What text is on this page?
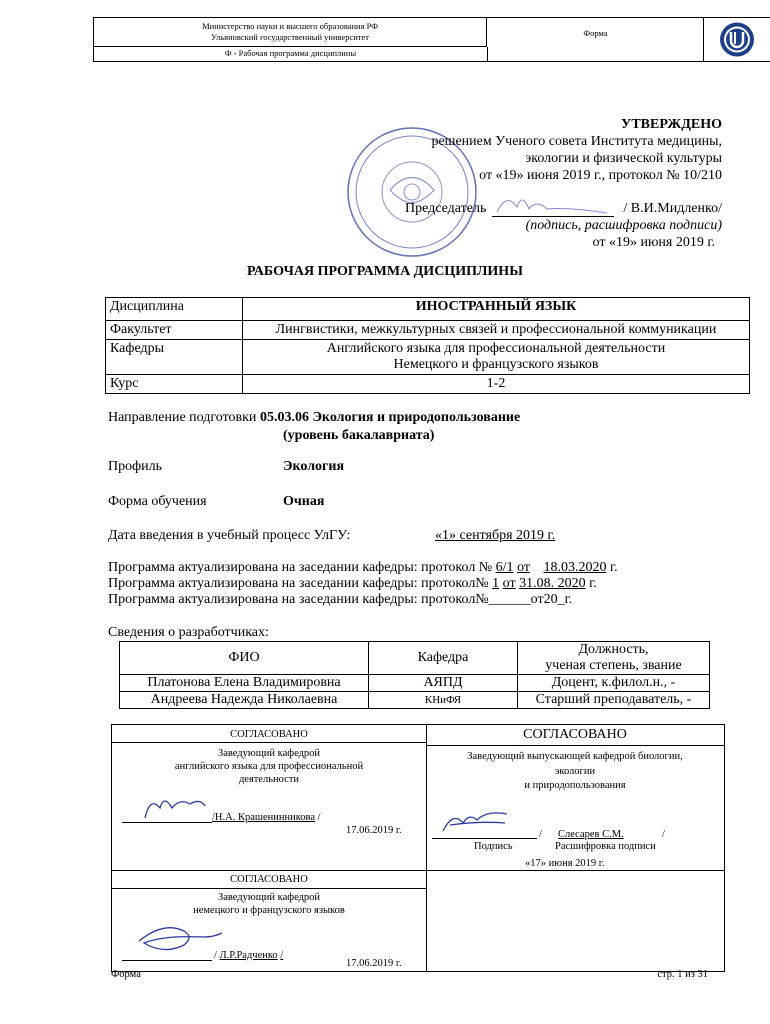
Министерство науки и высшего образования РФ
Ульяновский государственный университет
Ф - Рабочая программа дисциплины
Форма
УТВЕРЖДЕНО
решением Ученого совета Института медицины,
экологии и физической культуры
от «19» июня 2019 г., протокол № 10/210
Председатель	/ В.И.Мидленко/
(подпись, расшифровка подписи)
от «19» июня 2019 г.
РАБОЧАЯ ПРОГРАММА ДИСЦИПЛИНЫ
Дисциплина	ИНОСТРАННЫЙ ЯЗЫК
Факультет	Лингвистики, межкультурных связей и профессиональной коммуникации
Кафедры	Английского языка для профессиональной деятельности
Немецкого и французского языков

Курс	1-2
Направление подготовки 05.03.06 Экология и природопользование
(уровень бакалавриата)
Профиль	Экология
Форма обучения	Очная
Дата введения в учебный процесс УлГУ:	«1» сентября 2019 г.
Программа актуализирована на заседании кафедры: протокол № 6/1 от 18.03.2020 г.
Программа актуализирована на заседании кафедры: протокол№ 1 от 31.08. 2020 г.
Программа актуализирована на заседании кафедры: протокол№______от20_г.
Сведения о разработчиках:
ФИО	Кафедра	Должность,
ученая степень, звание

Платонова Елена Владимировна	АЯПД	Доцент, к.филол.н., -
Андреева Надежда Николаевна	КНиФЯ	Старший преподаватель, -
СОГЛАСОВАНО	СОГЛАСОВАНО
Заведующий кафедрой
английского языка для профессиональной
деятельности
/Н.А. Крашенинникова /
17.06.2019 г.
Заведующий выпускающей кафедрой биологии,
экологии
и природопользования
/ Слесарев С.М.	/
Подпись	Расшифровка подписи
«17» июня 2019 г.
СОГЛАСОВАНО
Заведующий кафедрой
немецкого и французского языков
/ Л.Р.Радченко /
17.06.2019 г.
Форма	стр. 1 из 31
